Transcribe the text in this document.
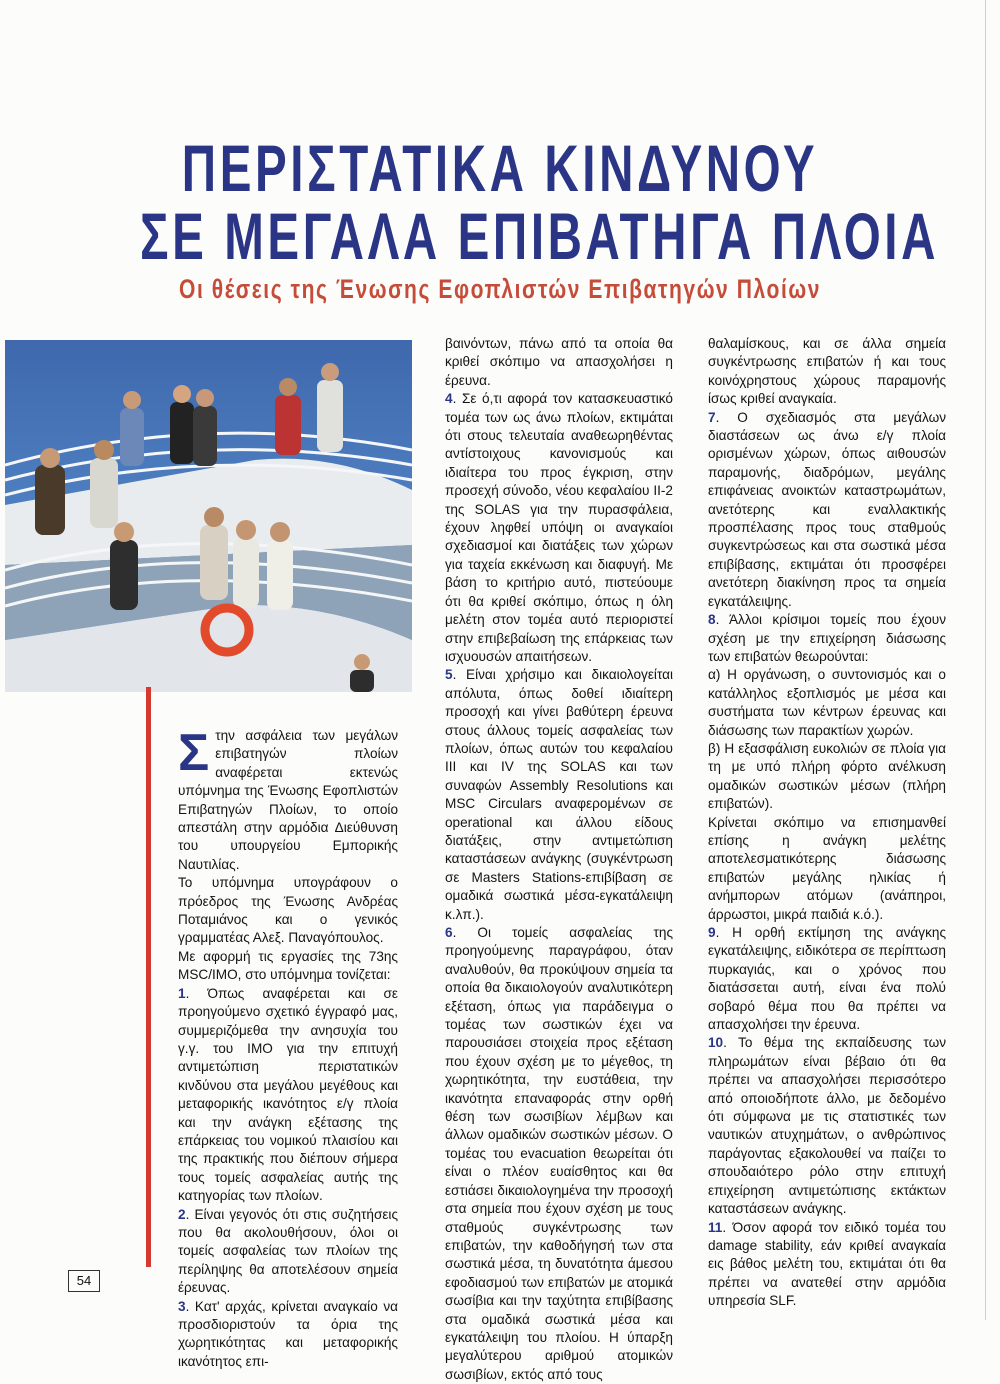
ΠΕΡΙΣΤΑΤΙΚΑ ΚΙΝΔΥΝΟΥ
ΣΕ ΜΕΓΑΛΑ ΕΠΙΒΑΤΗΓΑ ΠΛΟΙΑ
Οι θέσεις της Ένωσης Εφοπλιστών Επιβατηγών Πλοίων

Σ την ασφάλεια των μεγάλων επιβατηγών πλοίων αναφέρεται εκτενώς υπόμνημα της Ένωσης Εφοπλιστών Επιβατηγών Πλοίων, το οποίο απεστάλη στην αρμόδια Διεύθυνση του υπουργείου Εμπορικής Ναυτιλίας.

Το υπόμνημα υπογράφουν ο πρόεδρος της Ένωσης Ανδρέας Ποταμιάνος και ο γενικός γραμματέας Αλεξ. Παναγόπουλος.

Με αφορμή τις εργασίες της 73ης MSC/IMO, στο υπόμνημα τονίζεται:

1. Όπως αναφέρεται και σε προηγούμενο σχετικό έγγραφό μας, συμμεριζόμεθα την ανησυχία του γ.γ. του IMO για την επιτυχή αντιμετώπιση περιστατικών κινδύνου στα μεγάλου μεγέθους και μεταφορικής ικανότητος ε/γ πλοία και την ανάγκη εξέτασης της επάρκειας του νομικού πλαισίου και της πρακτικής που διέπουν σήμερα τους τομείς ασφαλείας αυτής της κατηγορίας των πλοίων.

2. Είναι γεγονός ότι στις συζητήσεις που θα ακολουθήσουν, όλοι οι τομείς ασφαλείας των πλοίων της περίληψης θα αποτελέσουν σημεία έρευνας.

3. Κατ' αρχάς, κρίνεται αναγκαίο να προσδιοριστούν τα όρια της χωρητικότητας και μεταφορικής ικανότητος επι-

βαινόντων, πάνω από τα οποία θα κριθεί σκόπιμο να απασχολήσει η έρευνα.

4. Σε ό,τι αφορά τον κατασκευαστικό τομέα των ως άνω πλοίων, εκτιμάται ότι στους τελευταία αναθεωρηθέντας αντίστοιχους κανονισμούς και ιδιαίτερα του προς έγκριση, στην προσεχή σύνοδο, νέου κεφαλαίου ΙΙ-2 της SOLAS για την πυρασφάλεια, έχουν ληφθεί υπόψη οι αναγκαίοι σχεδιασμοί και διατάξεις των χώρων για ταχεία εκκένωση και διαφυγή. Με βάση το κριτήριο αυτό, πιστεύουμε ότι θα κριθεί σκόπιμο, όπως η όλη μελέτη στον τομέα αυτό περιοριστεί στην επιβεβαίωση της επάρκειας των ισχυουσών απαιτήσεων.

5. Είναι χρήσιμο και δικαιολογείται απόλυτα, όπως δοθεί ιδιαίτερη προσοχή και γίνει βαθύτερη έρευνα στους άλλους τομείς ασφαλείας των πλοίων, όπως αυτών του κεφαλαίου ΙΙΙ και IV της SOLAS και των συναφών Assembly Resolutions και MSC Circulars αναφερομένων σε operational και άλλου είδους διατάξεις, στην αντιμετώπιση καταστάσεων ανάγκης (συγκέντρωση σε Masters Stations-επιβίβαση σε ομαδικά σωστικά μέσα-εγκατάλειψη κ.λπ.).

6. Οι τομείς ασφαλείας της προηγούμενης παραγράφου, όταν αναλυθούν, θα προκύψουν σημεία τα οποία θα δικαιολογούν αναλυτικότερη εξέταση, όπως για παράδειγμα ο τομέας των σωστικών έχει να παρουσιάσει στοιχεία προς εξέταση που έχουν σχέση με το μέγεθος, τη χωρητικότητα, την ευστάθεια, την ικανότητα επαναφοράς στην ορθή θέση των σωσιβίων λέμβων και άλλων ομαδικών σωστικών μέσων. Ο τομέας του evacuation θεωρείται ότι είναι ο πλέον ευαίσθητος και θα εστιάσει δικαιολογημένα την προσοχή στα σημεία που έχουν σχέση με τους σταθμούς συγκέντρωσης των επιβατών, την καθοδήγησή των στα σωστικά μέσα, τη δυνατότητα άμεσου εφοδιασμού των επιβατών με ατομικά σωσίβια και την ταχύτητα επιβίβασης στα ομαδικά σωστικά μέσα και εγκατάλειψη του πλοίου. Η ύπαρξη μεγαλύτερου αριθμού ατομικών σωσιβίων, εκτός από τους

θαλαμίσκους, και σε άλλα σημεία συγκέντρωσης επιβατών ή και τους κοινόχρηστους χώρους παραμονής ίσως κριθεί αναγκαία.

7. Ο σχεδιασμός στα μεγάλων διαστάσεων ως άνω ε/γ πλοία ορισμένων χώρων, όπως αιθουσών παραμονής, διαδρόμων, μεγάλης επιφάνειας ανοικτών καταστρωμάτων, ανετότερης και εναλλακτικής προσπέλασης προς τους σταθμούς συγκεντρώσεως και στα σωστικά μέσα επιβίβασης, εκτιμάται ότι προσφέρει ανετότερη διακίνηση προς τα σημεία εγκατάλειψης.

8. Άλλοι κρίσιμοι τομείς που έχουν σχέση με την επιχείρηση διάσωσης των επιβατών θεωρούνται:

α) Η οργάνωση, ο συντονισμός και ο κατάλληλος εξοπλισμός με μέσα και συστήματα των κέντρων έρευνας και διάσωσης των παρακτίων χωρών.

β) Η εξασφάλιση ευκολιών σε πλοία για τη με υπό πλήρη φόρτο ανέλκυση ομαδικών σωστικών μέσων (πλήρη επιβατών).

Κρίνεται σκόπιμο να επισημανθεί επίσης η ανάγκη μελέτης αποτελεσματικότερης διάσωσης επιβατών μεγάλης ηλικίας ή ανήμπορων ατόμων (ανάπηροι, άρρωστοι, μικρά παιδιά κ.ό.).

9. Η ορθή εκτίμηση της ανάγκης εγκατάλειψης, ειδικότερα σε περίπτωση πυρκαγιάς, και ο χρόνος που διατάσσεται αυτή, είναι ένα πολύ σοβαρό θέμα που θα πρέπει να απασχολήσει την έρευνα.

10. Το θέμα της εκπαίδευσης των πληρωμάτων είναι βέβαιο ότι θα πρέπει να απασχολήσει περισσότερο από οποιοδήποτε άλλο, με δεδομένο ότι σύμφωνα με τις στατιστικές των ναυτικών ατυχημάτων, ο ανθρώπινος παράγοντας εξακολουθεί να παίζει το σπουδαιότερο ρόλο στην επιτυχή επιχείρηση αντιμετώπισης εκτάκτων καταστάσεων ανάγκης.

11. Όσον αφορά τον ειδικό τομέα του damage stability, εάν κριθεί αναγκαία εις βάθος μελέτη του, εκτιμάται ότι θα πρέπει να ανατεθεί στην αρμόδια υπηρεσία SLF.

54
